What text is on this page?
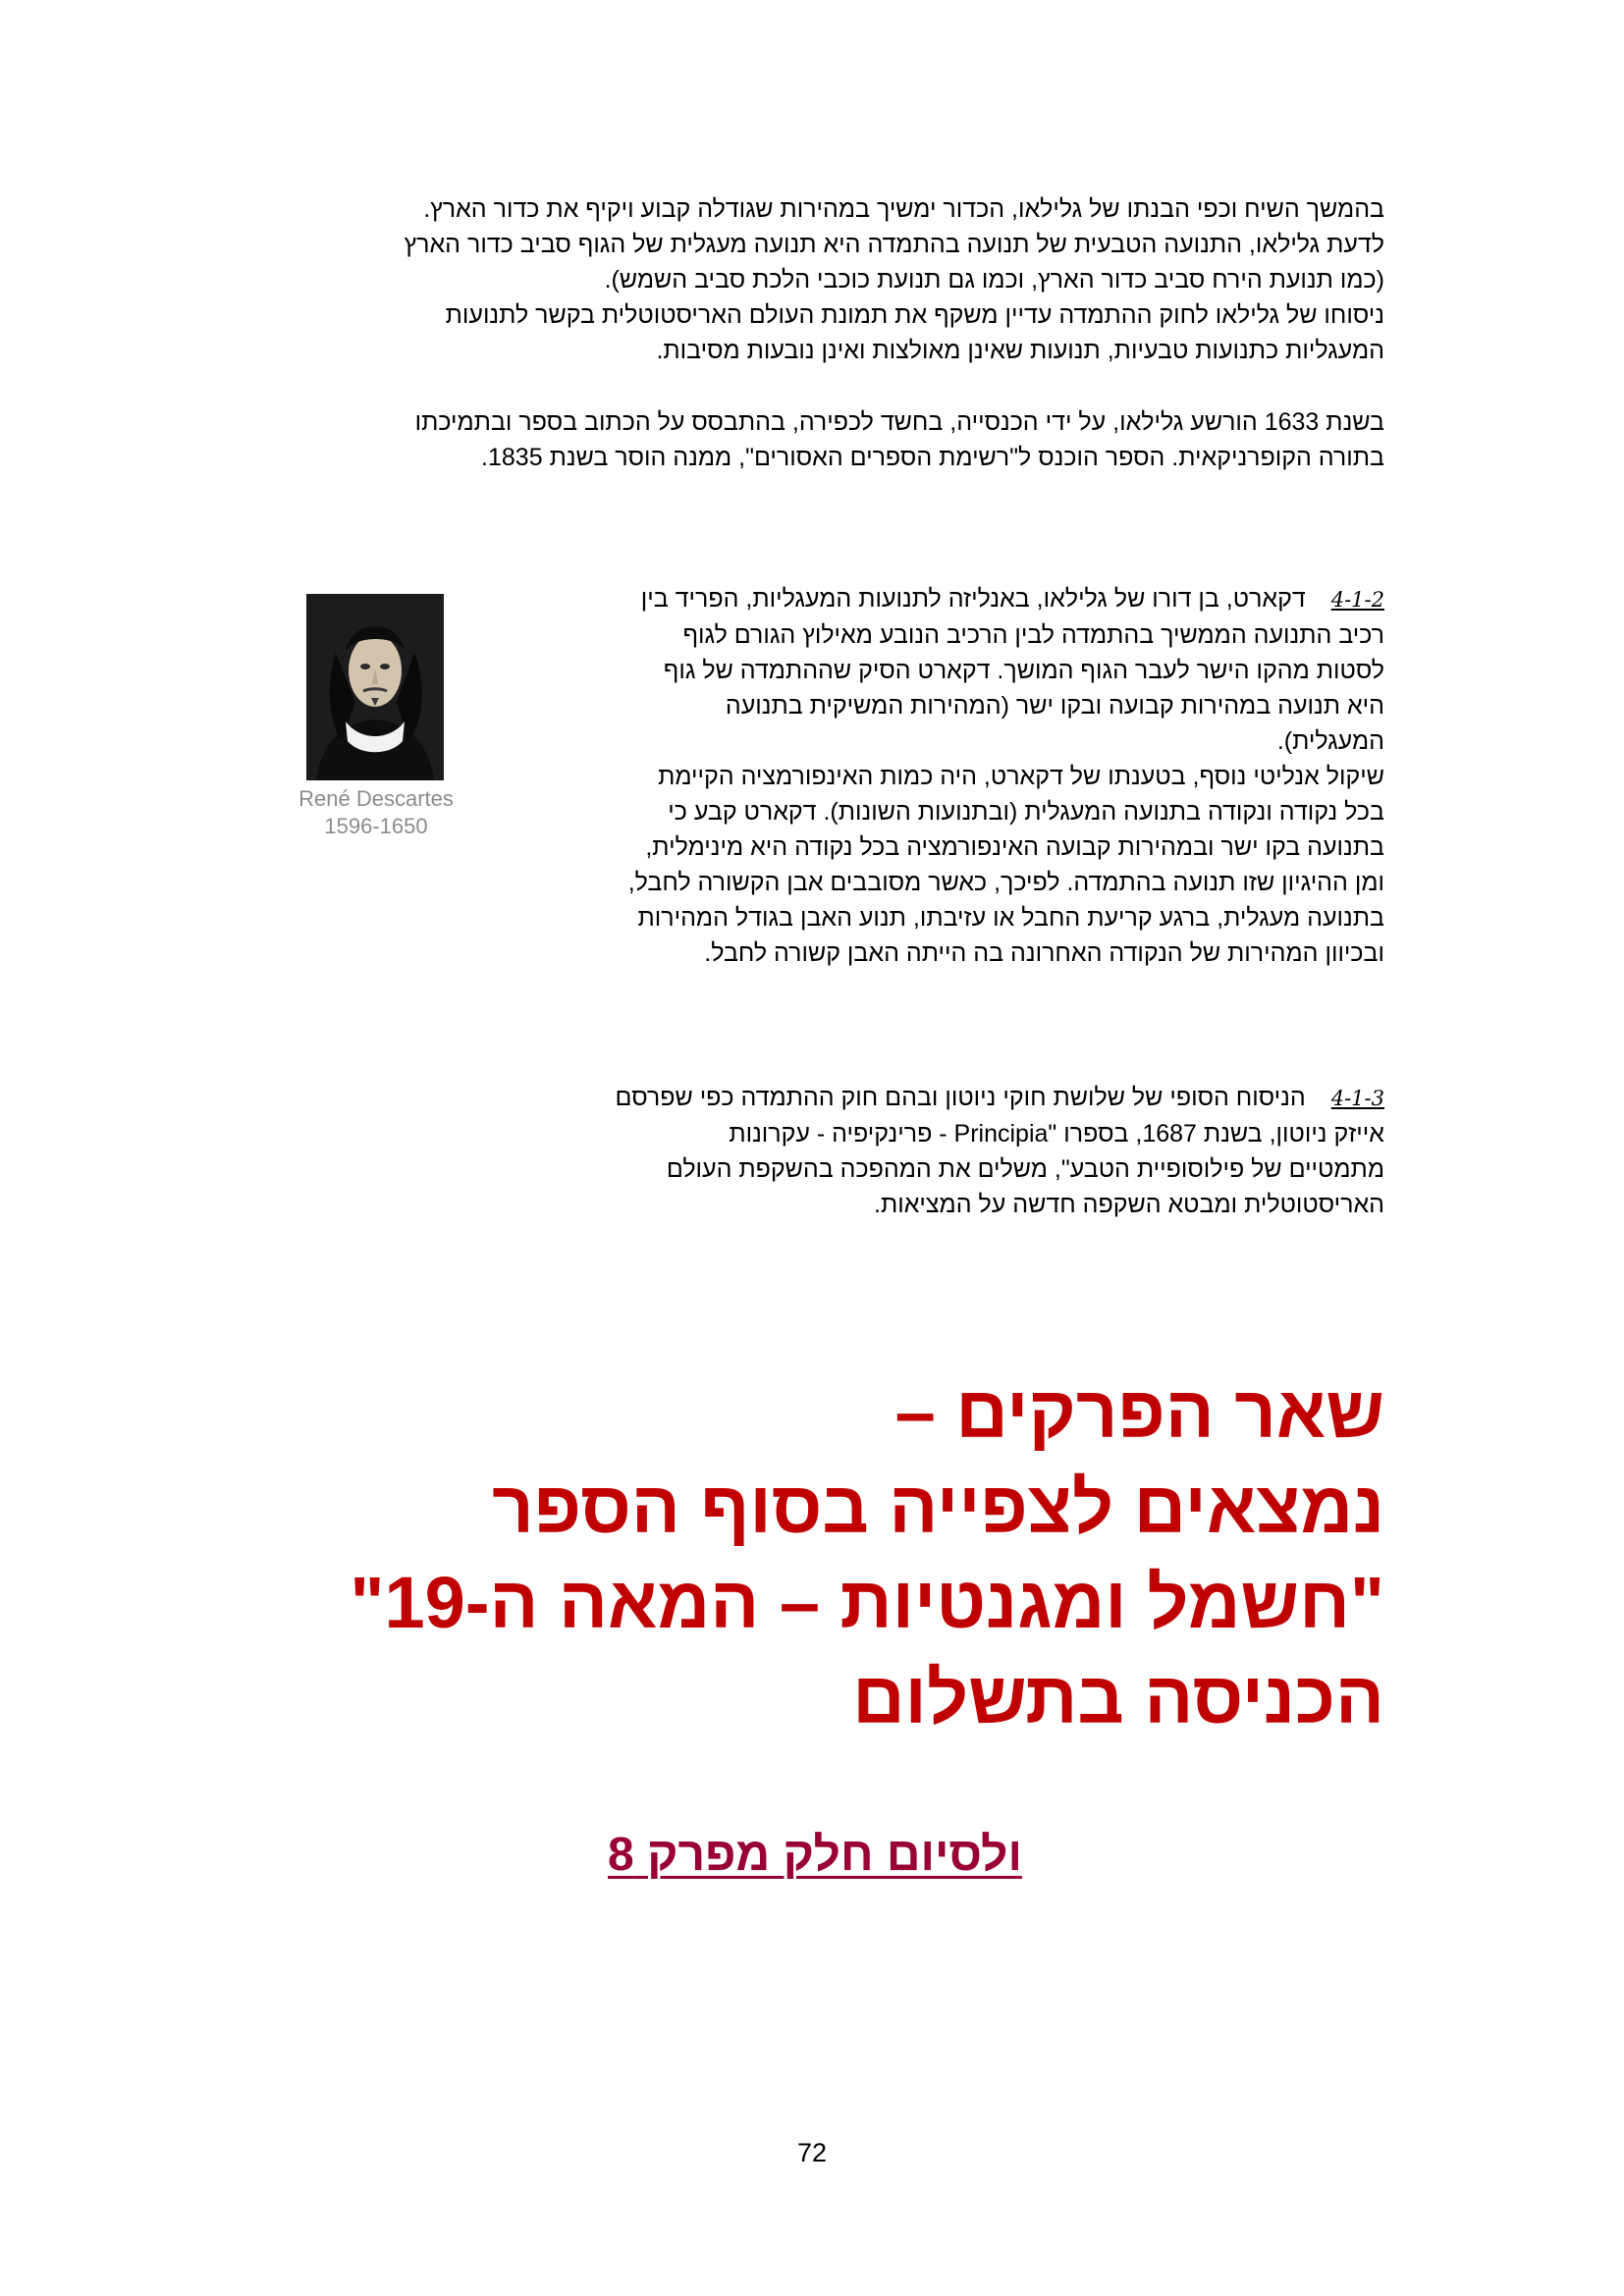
בהמשך השיח וכפי הבנתו של גלילאו, הכדור ימשיך במהירות שגודלה קבוע ויקיף את כדור הארץ.

לדעת גלילאו, התנועה הטבעית של תנועה בהתמדה היא תנועה מעגלית של הגוף סביב כדור הארץ

(כמו תנועת הירח סביב כדור הארץ, וכמו גם תנועת כוכבי הלכת סביב השמש).

ניסוחו של גלילאו לחוק ההתמדה עדיין משקף את תמונת העולם האריסטוטלית בקשר לתנועות

המעגליות כתנועות טבעיות, תנועות שאינן מאולצות ואינן נובעות מסיבות.

בשנת 1633 הורשע גלילאו, על ידי הכנסייה, בחשד לכפירה, בהתבסס על הכתוב בספר ובתמיכתו

בתורה הקופרניקאית. הספר הוכנס ל"רשימת הספרים האסורים", ממנה הוסר בשנת 1835.

4-1-2דקארט, בן דורו של גלילאו, באנליזה לתנועות המעגליות, הפריד בין

רכיב התנועה הממשיך בהתמדה לבין הרכיב הנובע מאילוץ הגורם לגוף

לסטות מהקו הישר לעבר הגוף המושך. דקארט הסיק שההתמדה של גוף

היא תנועה במהירות קבועה ובקו ישר (המהירות המשיקית בתנועה

המעגלית).

שיקול אנליטי נוסף, בטענתו של דקארט, היה כמות האינפורמציה הקיימת

בכל נקודה ונקודה בתנועה המעגלית (ובתנועות השונות). דקארט קבע כי

בתנועה בקו ישר ובמהירות קבועה האינפורמציה בכל נקודה היא מינימלית,

ומן ההיגיון שזו תנועה בהתמדה. לפיכך, כאשר מסובבים אבן הקשורה לחבל,

בתנועה מעגלית, ברגע קריעת החבל או עזיבתו, תנוע האבן בגודל המהירות

ובכיוון המהירות של הנקודה האחרונה בה הייתה האבן קשורה לחבל.

René Descartes
1596-1650

4-1-3הניסוח הסופי של שלושת חוקי ניוטון ובהם חוק ההתמדה כפי שפרסם

אייזק ניוטון, בשנת 1687, בספרו "Principia - פרינקיפיה - עקרונות

מתמטיים של פילוסופיית הטבע", משלים את המהפכה בהשקפת העולם

האריסטוטלית ומבטא השקפה חדשה על המציאות.

שאר הפרקים –
נמצאים לצפייה בסוף הספר
"חשמל ומגנטיות – המאה ה-19"
הכניסה בתשלום
ולסיום חלק מפרק 8
72
